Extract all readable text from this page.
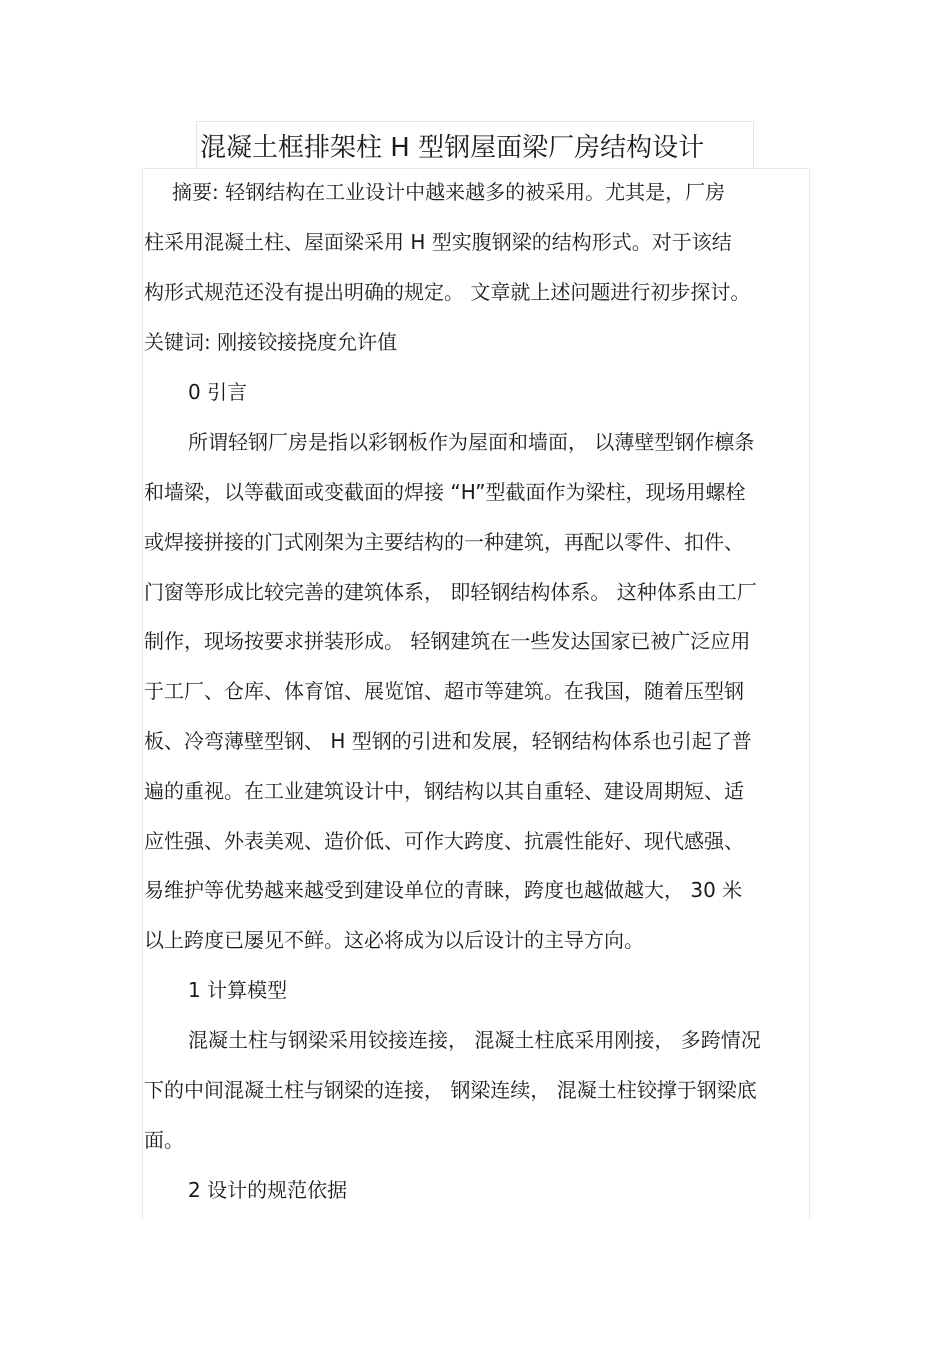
混凝土框排架柱 H 型钢屋面梁厂房结构设计

摘要: 轻钢结构在工业设计中越来越多的被采用。尤其是，厂房

柱采用混凝土柱、屋面梁采用 H 型实腹钢梁的结构形式。对于该结

构形式规范还没有提出明确的规定。 文章就上述问题进行初步探讨。

关键词: 刚接铰接挠度允许值

0 引言

所谓轻钢厂房是指以彩钢板作为屋面和墙面， 以薄壁型钢作檩条

和墙梁，以等截面或变截面的焊接 “H”型截面作为梁柱，现场用螺栓

或焊接拼接的门式刚架为主要结构的一种建筑，再配以零件、扣件、

门窗等形成比较完善的建筑体系， 即轻钢结构体系。 这种体系由工厂

制作，现场按要求拼装形成。 轻钢建筑在一些发达国家已被广泛应用

于工厂、仓库、体育馆、展览馆、超市等建筑。在我国，随着压型钢

板、冷弯薄壁型钢、 H 型钢的引进和发展，轻钢结构体系也引起了普

遍的重视。在工业建筑设计中，钢结构以其自重轻、建设周期短、适

应性强、外表美观、造价低、可作大跨度、抗震性能好、现代感强、

易维护等优势越来越受到建设单位的青睐，跨度也越做越大， 30 米

以上跨度已屡见不鲜。这必将成为以后设计的主导方向。

1 计算模型

混凝土柱与钢梁采用铰接连接， 混凝土柱底采用刚接， 多跨情况

下的中间混凝土柱与钢梁的连接， 钢梁连续， 混凝土柱铰撑于钢梁底

面。

2 设计的规范依据
